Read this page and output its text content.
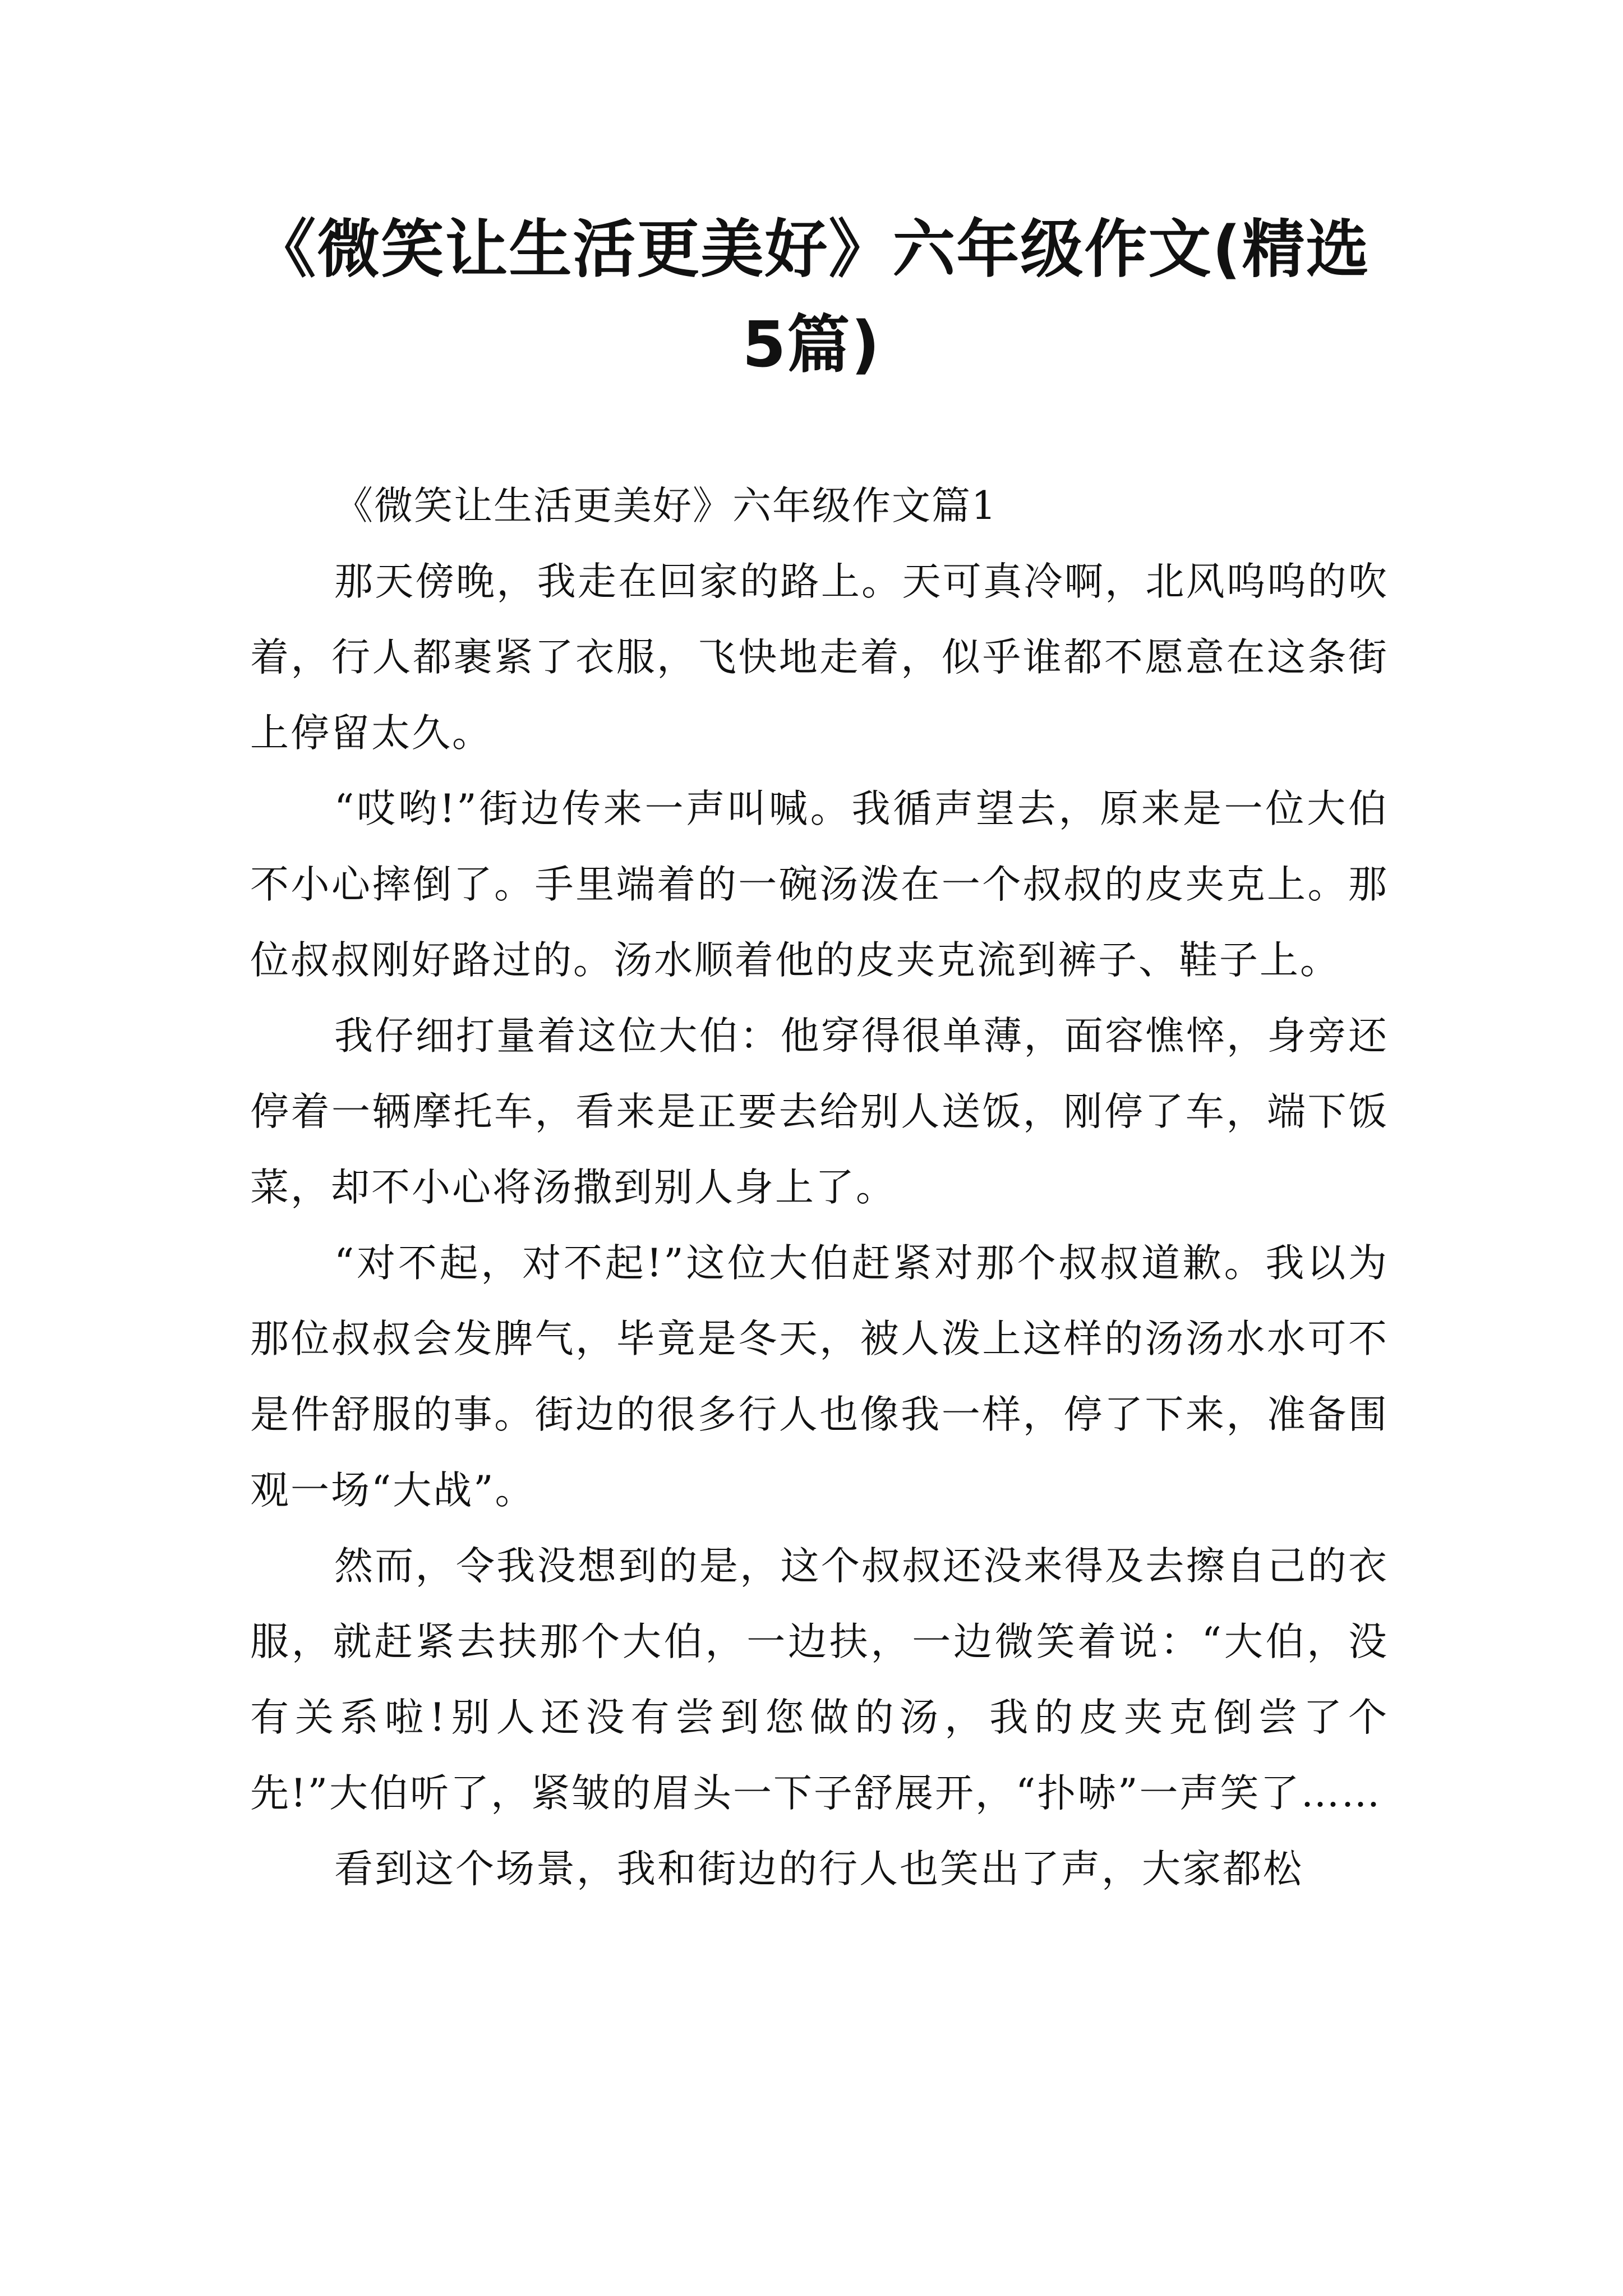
《微笑让生活更美好》六年级作文(精选5篇)

《微笑让生活更美好》六年级作文篇1

那天傍晚，我走在回家的路上。天可真冷啊，北风呜呜的吹着，行人都裹紧了衣服，飞快地走着，似乎谁都不愿意在这条街上停留太久。

“哎哟!”街边传来一声叫喊。我循声望去，原来是一位大伯不小心摔倒了。手里端着的一碗汤泼在一个叔叔的皮夹克上。那位叔叔刚好路过的。汤水顺着他的皮夹克流到裤子、鞋子上。

我仔细打量着这位大伯：他穿得很单薄，面容憔悴，身旁还停着一辆摩托车，看来是正要去给别人送饭，刚停了车，端下饭菜，却不小心将汤撒到别人身上了。

“对不起，对不起!”这位大伯赶紧对那个叔叔道歉。我以为那位叔叔会发脾气，毕竟是冬天，被人泼上这样的汤汤水水可不是件舒服的事。街边的很多行人也像我一样，停了下来，准备围观一场“大战”。

然而，令我没想到的是，这个叔叔还没来得及去擦自己的衣服，就赶紧去扶那个大伯，一边扶，一边微笑着说：“大伯，没有关系啦!别人还没有尝到您做的汤，我的皮夹克倒尝了个先!”大伯听了，紧皱的眉头一下子舒展开，“扑哧”一声笑了……

看到这个场景，我和街边的行人也笑出了声，大家都松
